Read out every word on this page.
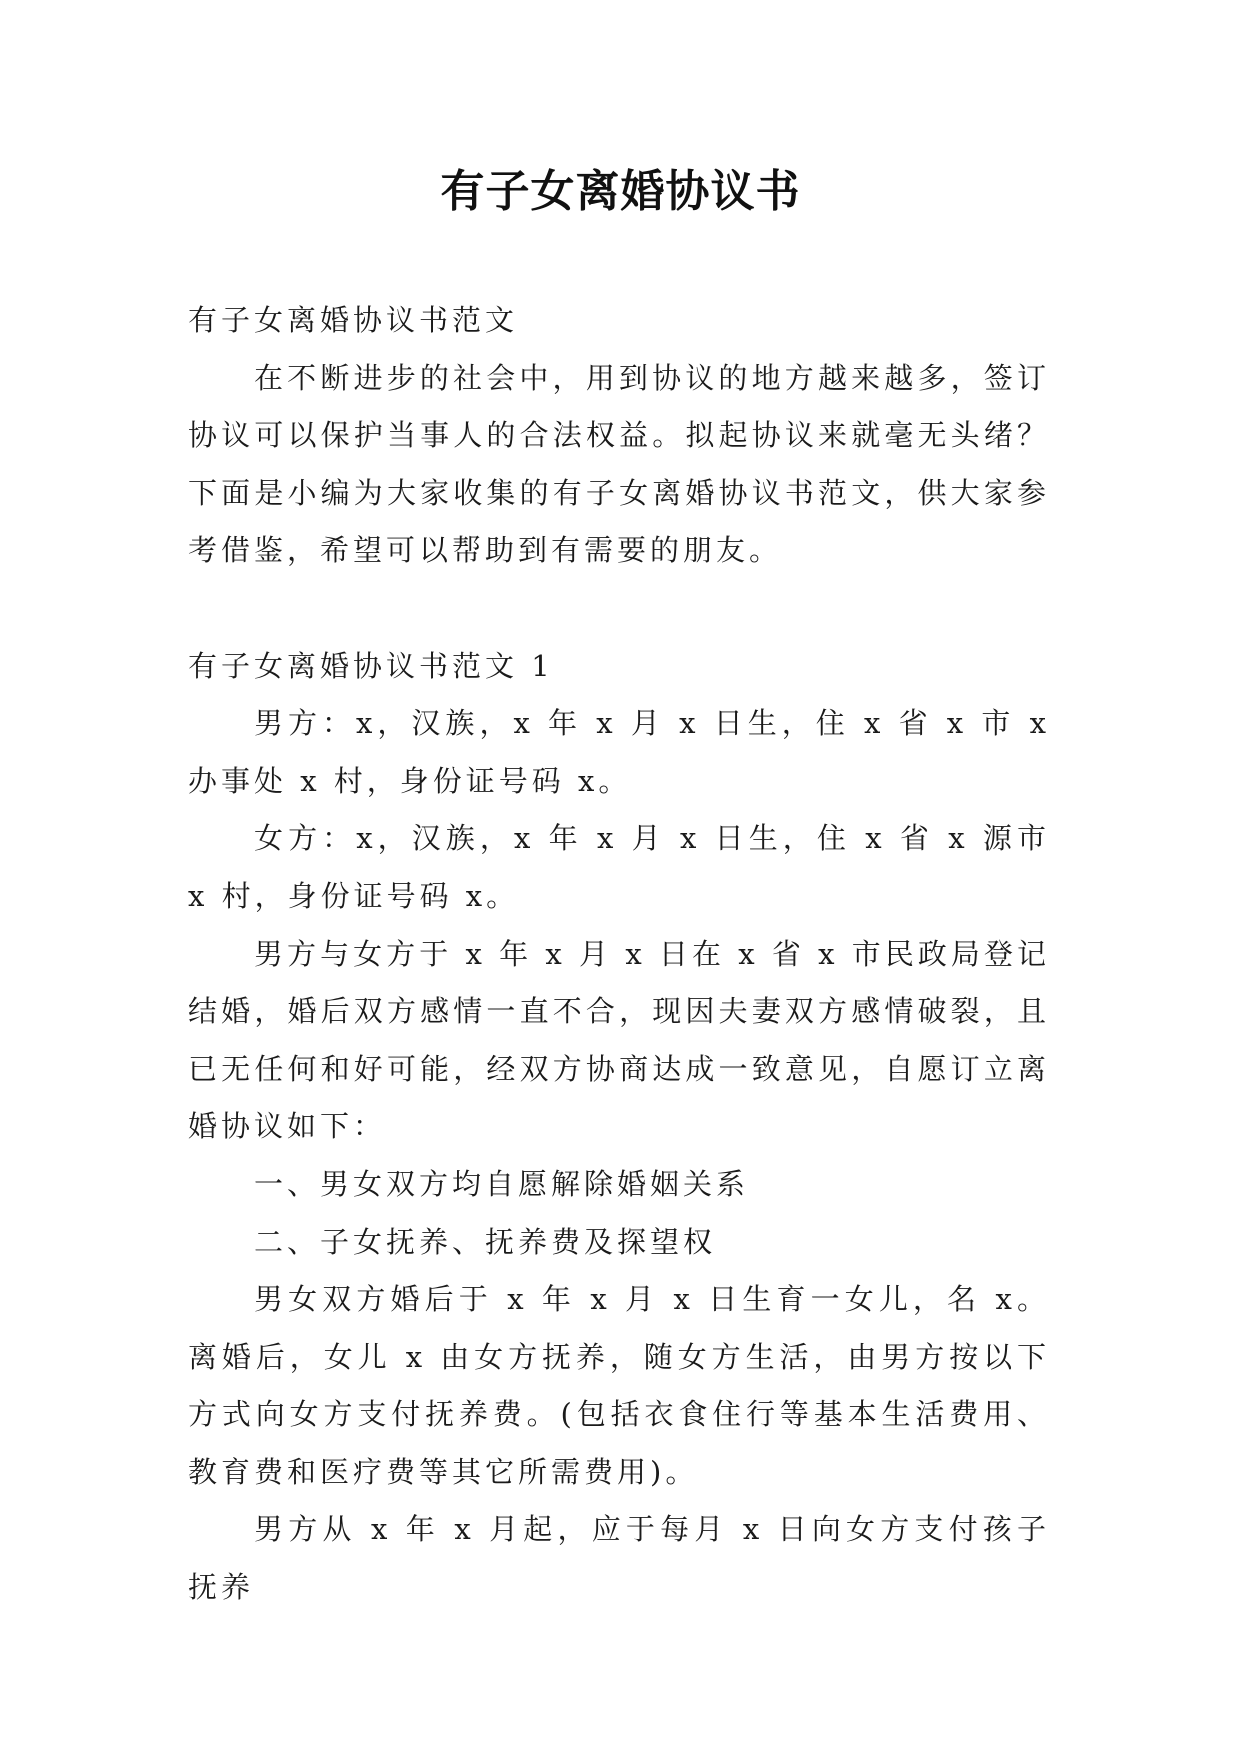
有子女离婚协议书

有子女离婚协议书范文

在不断进步的社会中，用到协议的地方越来越多，签订协议可以保护当事人的合法权益。拟起协议来就毫无头绪？下面是小编为大家收集的有子女离婚协议书范文，供大家参考借鉴，希望可以帮助到有需要的朋友。

有子女离婚协议书范文 1

男方：x，汉族，x 年 x 月 x 日生，住 x 省 x 市 x 办事处 x 村，身份证号码 x。

女方：x，汉族，x 年 x 月 x 日生，住 x 省 x 源市 x 村，身份证号码 x。

男方与女方于 x 年 x 月 x 日在 x 省 x 市民政局登记结婚，婚后双方感情一直不合，现因夫妻双方感情破裂，且已无任何和好可能，经双方协商达成一致意见，自愿订立离婚协议如下：

一、男女双方均自愿解除婚姻关系

二、子女抚养、抚养费及探望权

男女双方婚后于 x 年 x 月 x 日生育一女儿，名 x。离婚后，女儿 x 由女方抚养，随女方生活，由男方按以下方式向女方支付抚养费。(包括衣食住行等基本生活费用、教育费和医疗费等其它所需费用)。

男方从 x 年 x 月起，应于每月 x 日向女方支付孩子抚养
